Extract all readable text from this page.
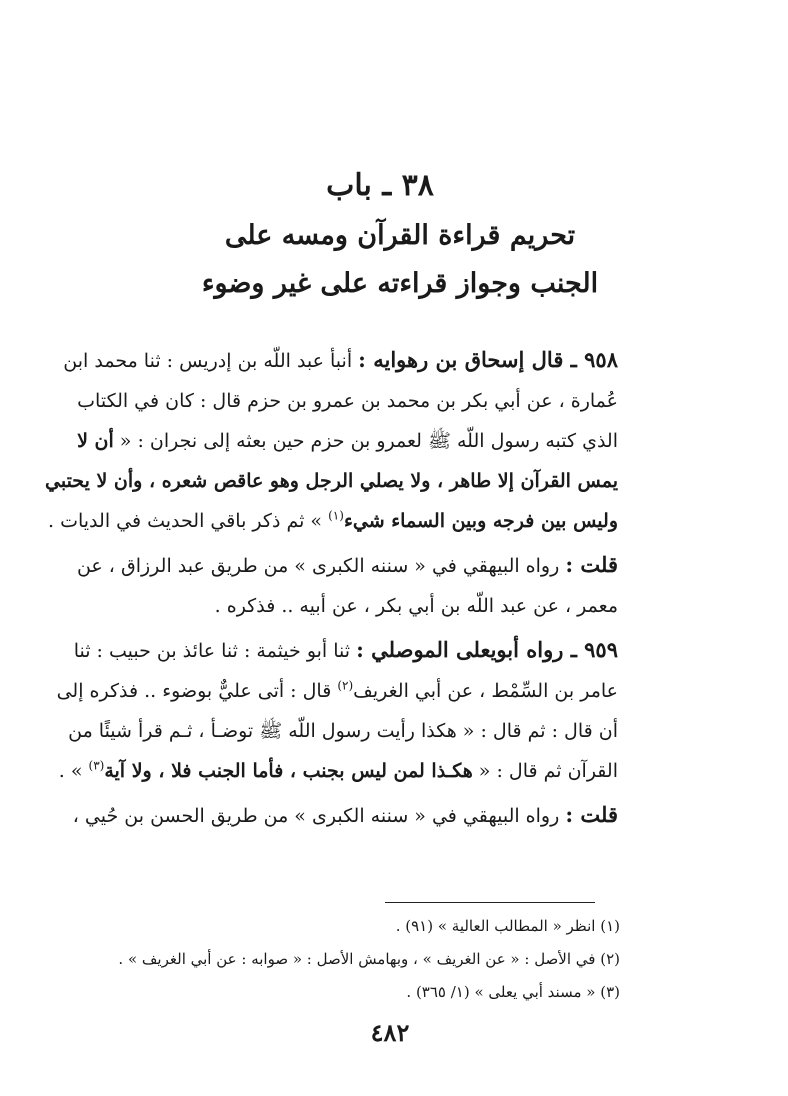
٣٨ ـ باب
تحريم قراءة القرآن ومسه على
الجنب وجواز قراءته على غير وضوء
٩٥٨ ـ قال إسحاق بن رهوايه : أنبأ عبد اللّه بن إدريس : ثنا محمد ابن عُمارة ، عن أبي بكر بن محمد بن عمرو بن حزم قال : كان في الكتاب الذي كتبه رسول اللّه ﷺ لعمرو بن حزم حين بعثه إلى نجران : « أن لا يمس القرآن إلا طاهر ، ولا يصلي الرجل وهو عاقص شعره ، وأن لا يحتبي وليس بين فرجه وبين السماء شيء$^{(١)}$ » ثم ذكر باقي الحديث في الديات .
قلت : رواه البيهقي في « سننه الكبرى » من طريق عبد الرزاق ، عن معمر ، عن عبد اللّه بن أبي بكر ، عن أبيه .. فذكره .
٩٥٩ ـ رواه أبويعلى الموصلي : ثنا أبو خيثمة : ثنا عائذ بن حبيب : ثنا عامر بن السِّمْط ، عن أبي الغريف$^{(٢)}$ قال : أتى عليٌّ بوضوء .. فذكره إلى أن قال : ثم قال : « هكذا رأيت رسول اللّه ﷺ توضـأ ، ثـم قرأ شيئًا من القرآن ثم قال : « هكـذا لمن ليس بجنب ، فأما الجنب فلا ، ولا آية$^{(٣)}$ » .
قلت : رواه البيهقي في « سننه الكبرى » من طريق الحسن بن حُيي ،
(١) انظر « المطالب العالية » (٩١) .
(٢) في الأصل : « عن الغريف » ، وبهامش الأصل : « صوابه : عن أبي الغريف » .
(٣) « مسند أبي يعلى » (١/ ٣٦٥) .
٤٨٢
